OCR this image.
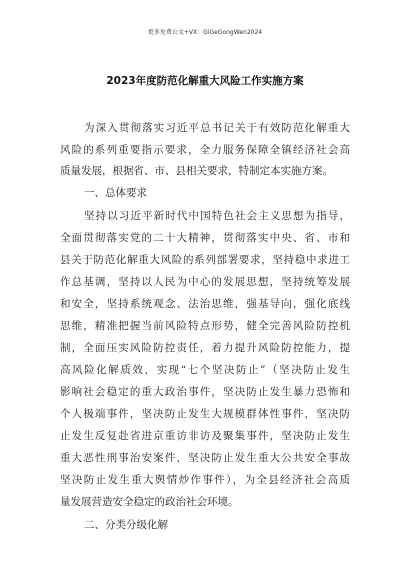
更多免费公文+VX：GiGeGongWen2024
2023年度防范化解重大风险工作实施方案
为深入贯彻落实习近平总书记关于有效防范化解重大
风险的系列重要指示要求，全力服务保障全镇经济社会高
质量发展，根据省、市、县相关要求，特制定本实施方案。
一、总体要求
坚持以习近平新时代中国特色社会主义思想为指导，
全面贯彻落实党的二十大精神，贯彻落实中央、省、市和
县关于防范化解重大风险的系列部署要求，坚持稳中求进工
作总基调，坚持以人民为中心的发展思想，坚持统筹发展
和安全，坚持系统观念、法治思维，强基导向，强化底线
思维，精准把握当前风险特点形势，健全完善风险防控机
制，全面压实风险防控责任，着力提升风险防控能力，提
高风险化解质效，实现“七个坚决防止”（坚决防止发生
影响社会稳定的重大政治事件，坚决防止发生暴力恐怖和
个人极端事件，坚决防止发生大规模群体性事件，坚决防
止发生反复赴省进京重访非访及聚集事件，坚决防止发生
重大恶性刑事治安案件，坚决防止发生重大公共安全事故
坚决防止发生重大舆情炒作事件），为全县经济社会高质
量发展营造安全稳定的政治社会环境。
二、分类分级化解
